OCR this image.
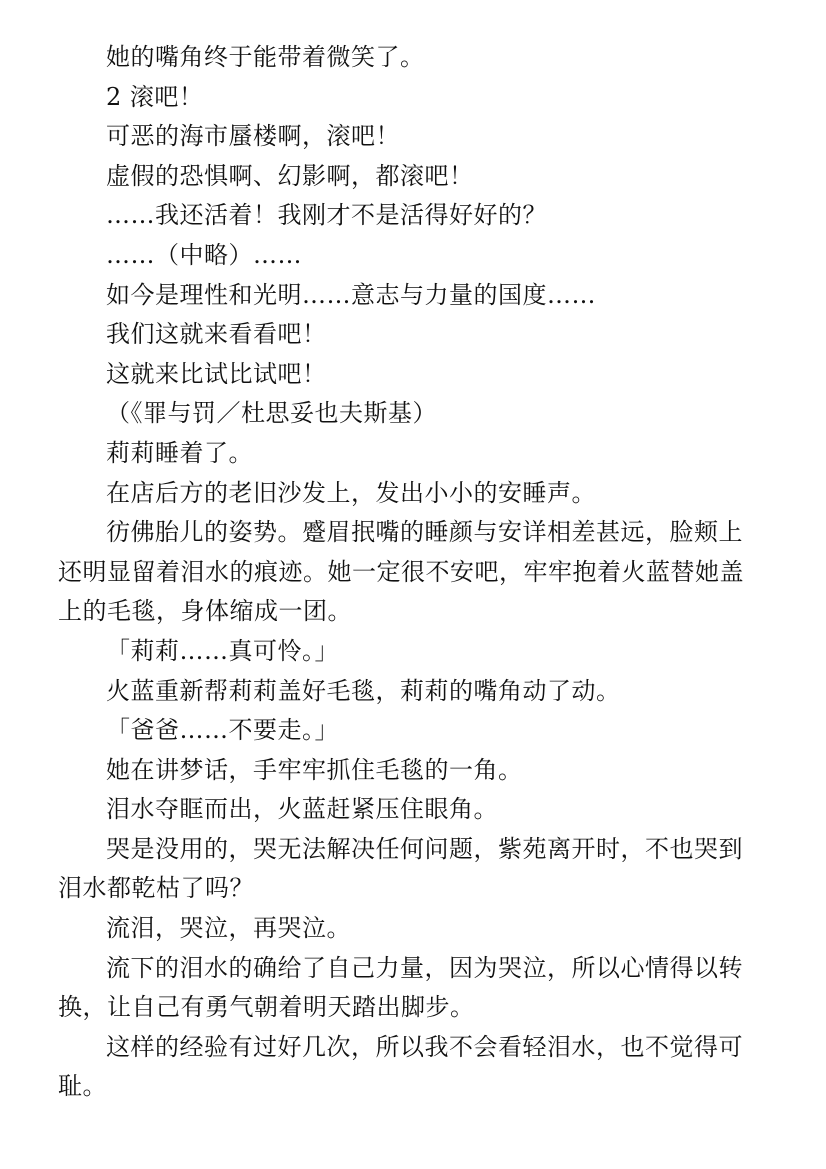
她的嘴角终于能带着微笑了。

2 滚吧！

可恶的海市蜃楼啊，滚吧！

虚假的恐惧啊、幻影啊，都滚吧！

……我还活着！我刚才不是活得好好的？

……（中略）……

如今是理性和光明……意志与力量的国度……

我们这就来看看吧！

这就来比试比试吧！

（《罪与罚／杜思妥也夫斯基）

莉莉睡着了。

在店后方的老旧沙发上，发出小小的安睡声。

彷佛胎儿的姿势。蹙眉抿嘴的睡颜与安详相差甚远，脸颊上还明显留着泪水的痕迹。她一定很不安吧，牢牢抱着火蓝替她盖上的毛毯，身体缩成一团。

「莉莉……真可怜。」

火蓝重新帮莉莉盖好毛毯，莉莉的嘴角动了动。

「爸爸……不要走。」

她在讲梦话，手牢牢抓住毛毯的一角。

泪水夺眶而出，火蓝赶紧压住眼角。

哭是没用的，哭无法解决任何问题，紫苑离开时，不也哭到泪水都乾枯了吗？

流泪，哭泣，再哭泣。

流下的泪水的确给了自己力量，因为哭泣，所以心情得以转换，让自己有勇气朝着明天踏出脚步。

这样的经验有过好几次，所以我不会看轻泪水，也不觉得可耻。
